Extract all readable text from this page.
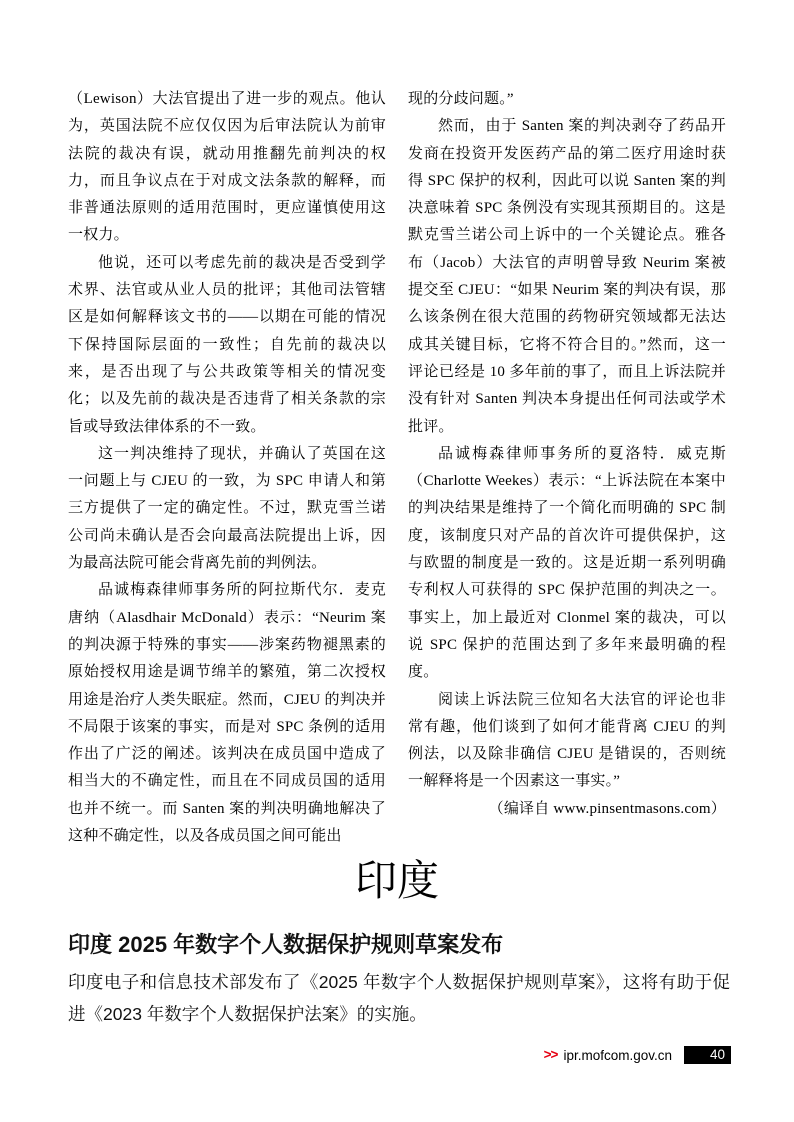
（Lewison）大法官提出了进一步的观点。他认为，英国法院不应仅仅因为后审法院认为前审法院的裁决有误，就动用推翻先前判决的权力，而且争议点在于对成文法条款的解释，而非普通法原则的适用范围时，更应谨慎使用这一权力。

他说，还可以考虑先前的裁决是否受到学术界、法官或从业人员的批评；其他司法管辖区是如何解释该文书的——以期在可能的情况下保持国际层面的一致性；自先前的裁决以来，是否出现了与公共政策等相关的情况变化；以及先前的裁决是否违背了相关条款的宗旨或导致法律体系的不一致。

这一判决维持了现状，并确认了英国在这一问题上与 CJEU 的一致，为 SPC 申请人和第三方提供了一定的确定性。不过，默克雪兰诺公司尚未确认是否会向最高法院提出上诉，因为最高法院可能会背离先前的判例法。

品诚梅森律师事务所的阿拉斯代尔．麦克唐纳（Alasdhair McDonald）表示：“Neurim 案的判决源于特殊的事实——涉案药物褪黑素的原始授权用途是调节绵羊的繁殖，第二次授权用途是治疗人类失眠症。然而，CJEU 的判决并不局限于该案的事实，而是对 SPC 条例的适用作出了广泛的阐述。该判决在成员国中造成了相当大的不确定性，而且在不同成员国的适用也并不统一。而 Santen 案的判决明确地解决了这种不确定性，以及各成员国之间可能出

现的分歧问题。”

然而，由于 Santen 案的判决剥夺了药品开发商在投资开发医药产品的第二医疗用途时获得 SPC 保护的权利，因此可以说 Santen 案的判决意味着 SPC 条例没有实现其预期目的。这是默克雪兰诺公司上诉中的一个关键论点。雅各布（Jacob）大法官的声明曾导致 Neurim 案被提交至 CJEU：“如果 Neurim 案的判决有误，那么该条例在很大范围的药物研究领域都无法达成其关键目标，它将不符合目的。”然而，这一评论已经是 10 多年前的事了，而且上诉法院并没有针对 Santen 判决本身提出任何司法或学术批评。

品诚梅森律师事务所的夏洛特．威克斯（Charlotte Weekes）表示：“上诉法院在本案中的判决结果是维持了一个简化而明确的 SPC 制度，该制度只对产品的首次许可提供保护，这与欧盟的制度是一致的。这是近期一系列明确专利权人可获得的 SPC 保护范围的判决之一。事实上，加上最近对 Clonmel 案的裁决，可以说 SPC 保护的范围达到了多年来最明确的程度。

阅读上诉法院三位知名大法官的评论也非常有趣，他们谈到了如何才能背离 CJEU 的判例法，以及除非确信 CJEU 是错误的，否则统一解释将是一个因素这一事实。”

（编译自 www.pinsentmasons.com）

印度
印度 2025 年数字个人数据保护规则草案发布

印度电子和信息技术部发布了《2025 年数字个人数据保护规则草案》，这将有助于促进《2023 年数字个人数据保护法案》的实施。

>> ipr.mofcom.gov.cn	40
